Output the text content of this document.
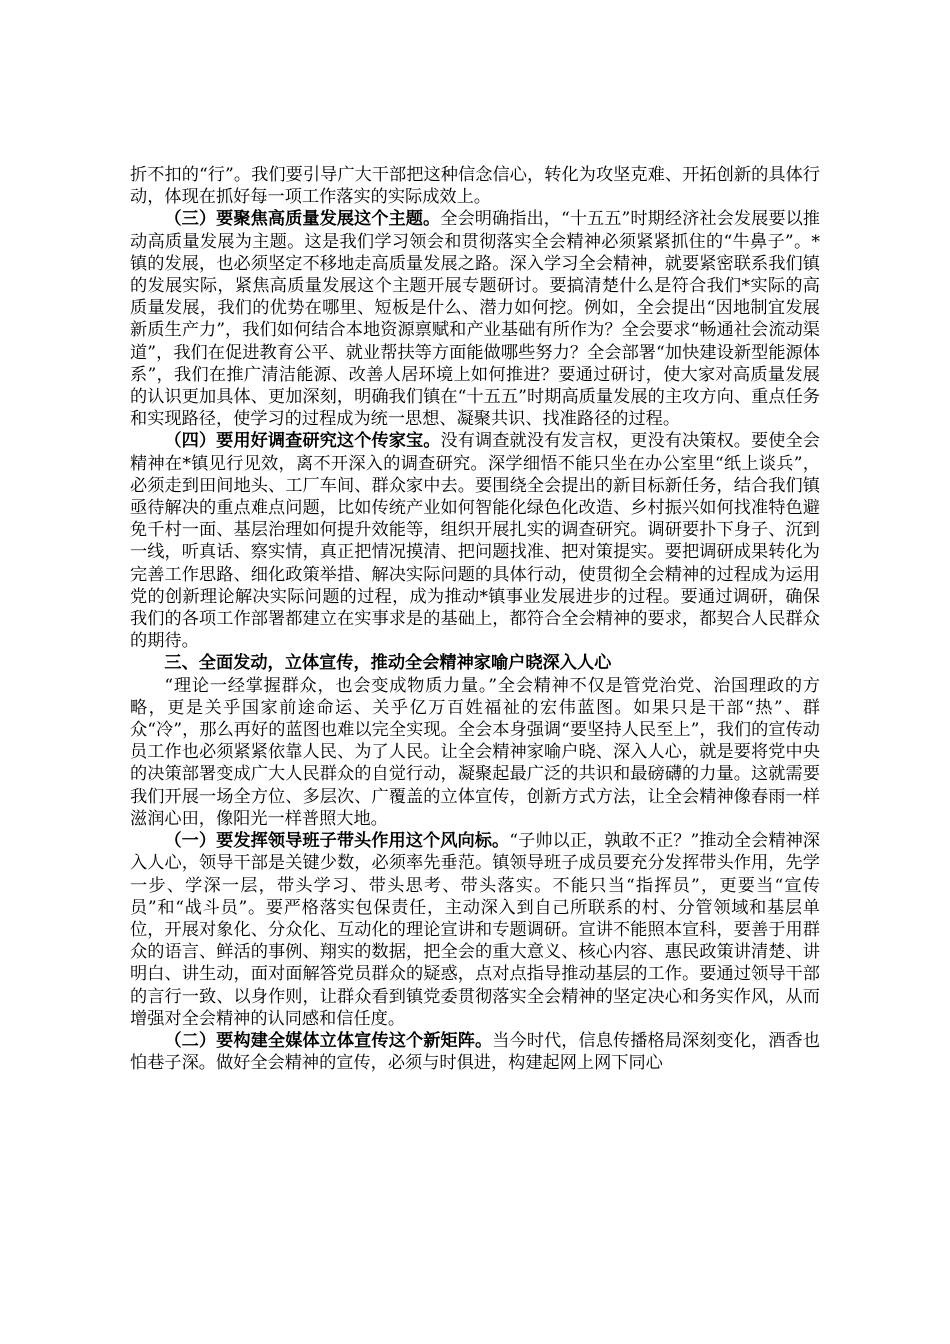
折不扣的“行”。我们要引导广大干部把这种信念信心，转化为攻坚克难、开拓创新的具体行动，体现在抓好每一项工作落实的实际成效上。

（三）要聚焦高质量发展这个主题。全会明确指出，“十五五”时期经济社会发展要以推动高质量发展为主题。这是我们学习领会和贯彻落实全会精神必须紧紧抓住的“牛鼻子”。*镇的发展，也必须坚定不移地走高质量发展之路。深入学习全会精神，就要紧密联系我们镇的发展实际，紧焦高质量发展这个主题开展专题研讨。要搞清楚什么是符合我们*实际的高质量发展，我们的优势在哪里、短板是什么、潜力如何挖。例如，全会提出“因地制宜发展新质生产力”，我们如何结合本地资源禀赋和产业基础有所作为？全会要求“畅通社会流动渠道”，我们在促进教育公平、就业帮扶等方面能做哪些努力？全会部署“加快建设新型能源体系”，我们在推广清洁能源、改善人居环境上如何推进？要通过研讨，使大家对高质量发展的认识更加具体、更加深刻，明确我们镇在“十五五”时期高质量发展的主攻方向、重点任务和实现路径，使学习的过程成为统一思想、凝聚共识、找准路径的过程。

（四）要用好调查研究这个传家宝。没有调查就没有发言权，更没有决策权。要使全会精神在*镇见行见效，离不开深入的调查研究。深学细悟不能只坐在办公室里“纸上谈兵”，必须走到田间地头、工厂车间、群众家中去。要围绕全会提出的新目标新任务，结合我们镇亟待解决的重点难点问题，比如传统产业如何智能化绿色化改造、乡村振兴如何找准特色避免千村一面、基层治理如何提升效能等，组织开展扎实的调查研究。调研要扑下身子、沉到一线，听真话、察实情，真正把情况摸清、把问题找准、把对策提实。要把调研成果转化为完善工作思路、细化政策举措、解决实际问题的具体行动，使贯彻全会精神的过程成为运用党的创新理论解决实际问题的过程，成为推动*镇事业发展进步的过程。要通过调研，确保我们的各项工作部署都建立在实事求是的基础上，都符合全会精神的要求，都契合人民群众的期待。

三、全面发动，立体宣传，推动全会精神家喻户晓深入人心

“理论一经掌握群众，也会变成物质力量。”全会精神不仅是管党治党、治国理政的方略，更是关乎国家前途命运、关乎亿万百姓福祉的宏伟蓝图。如果只是干部“热”、群众“冷”，那么再好的蓝图也难以完全实现。全会本身强调“要坚持人民至上”，我们的宣传动员工作也必须紧紧依靠人民、为了人民。让全会精神家喻户晓、深入人心，就是要将党中央的决策部署变成广大人民群众的自觉行动，凝聚起最广泛的共识和最磅礴的力量。这就需要我们开展一场全方位、多层次、广覆盖的立体宣传，创新方式方法，让全会精神像春雨一样滋润心田，像阳光一样普照大地。

（一）要发挥领导班子带头作用这个风向标。“子帅以正，孰敢不正？”推动全会精神深入人心，领导干部是关键少数，必须率先垂范。镇领导班子成员要充分发挥带头作用，先学一步、学深一层，带头学习、带头思考、带头落实。不能只当“指挥员”，更要当“宣传员”和“战斗员”。要严格落实包保责任，主动深入到自己所联系的村、分管领域和基层单位，开展对象化、分众化、互动化的理论宣讲和专题调研。宣讲不能照本宣科，要善于用群众的语言、鲜活的事例、翔实的数据，把全会的重大意义、核心内容、惠民政策讲清楚、讲明白、讲生动，面对面解答党员群众的疑惑，点对点指导推动基层的工作。要通过领导干部的言行一致、以身作则，让群众看到镇党委贯彻落实全会精神的坚定决心和务实作风，从而增强对全会精神的认同感和信任度。

（二）要构建全媒体立体宣传这个新矩阵。当今时代，信息传播格局深刻变化，酒香也怕巷子深。做好全会精神的宣传，必须与时俱进，构建起网上网下同心
